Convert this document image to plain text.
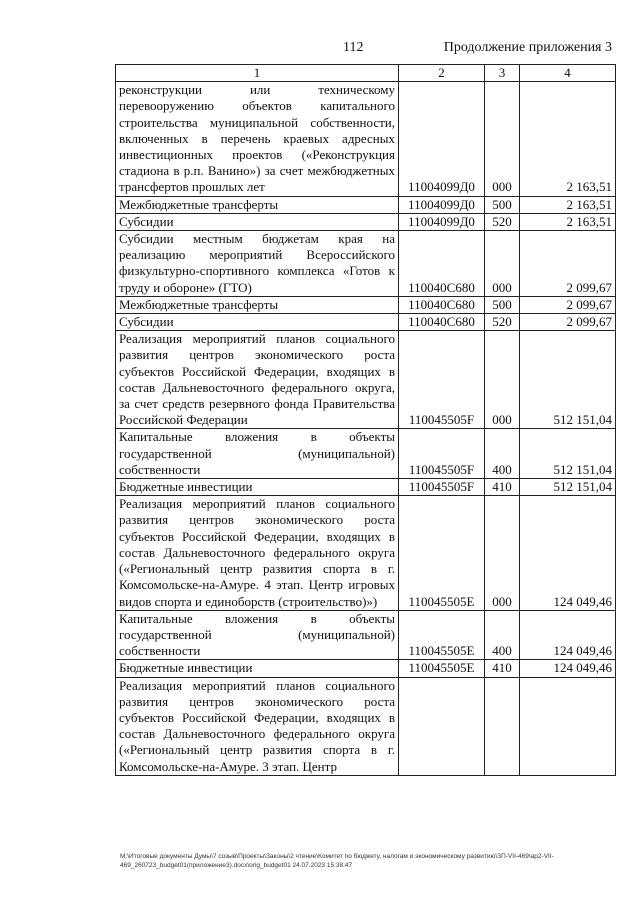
112	Продолжение приложения 3
1	2	3	4
реконструкции или техническому перевооружению объектов капитального строительства муниципальной собственности, включенных в перечень краевых адресных инвестиционных проектов («Реконструкция стадиона в р.п. Ванино») за счет межбюджетных трансфертов прошлых лет	11004099Д0	000	2 163,51
Межбюджетные трансферты	11004099Д0	500	2 163,51
Субсидии	11004099Д0	520	2 163,51
Субсидии местным бюджетам края на реализацию мероприятий Всероссийского физкультурно-спортивного комплекса «Готов к труду и обороне» (ГТО)	110040С680	000	2 099,67
Межбюджетные трансферты	110040С680	500	2 099,67
Субсидии	110040С680	520	2 099,67
Реализация мероприятий планов социального развития центров экономического роста субъектов Российской Федерации, входящих в состав Дальневосточного федерального округа, за счет средств резервного фонда Правительства Российской Федерации	110045505F	000	512 151,04
Капитальные вложения в объекты государственной (муниципальной) собственности	110045505F	400	512 151,04
Бюджетные инвестиции	110045505F	410	512 151,04
Реализация мероприятий планов социального развития центров экономического роста субъектов Российской Федерации, входящих в состав Дальневосточного федерального округа («Региональный центр развития спорта в г. Комсомольске-на-Амуре. 4 этап. Центр игровых видов спорта и единоборств (строительство)»)	110045505Е	000	124 049,46
Капитальные вложения в объекты государственной (муниципальной) собственности	110045505Е	400	124 049,46
Бюджетные инвестиции	110045505Е	410	124 049,46
Реализация мероприятий планов социального развития центров экономического роста субъектов Российской Федерации, входящих в состав Дальневосточного федерального округа («Региональный центр развития спорта в г. Комсомольске-на-Амуре. 3 этап. Центр			
М:\Итоговые документы Думы\7 созыв\Проекты\Законы\2 чтение\Комитет по бюджету, налогам и экономическому развитию\ЗП-VII-469\ар2-VII-469_260723_budget01(приложение3).docx\orig_budget01 24.07.2023 15:38:47
